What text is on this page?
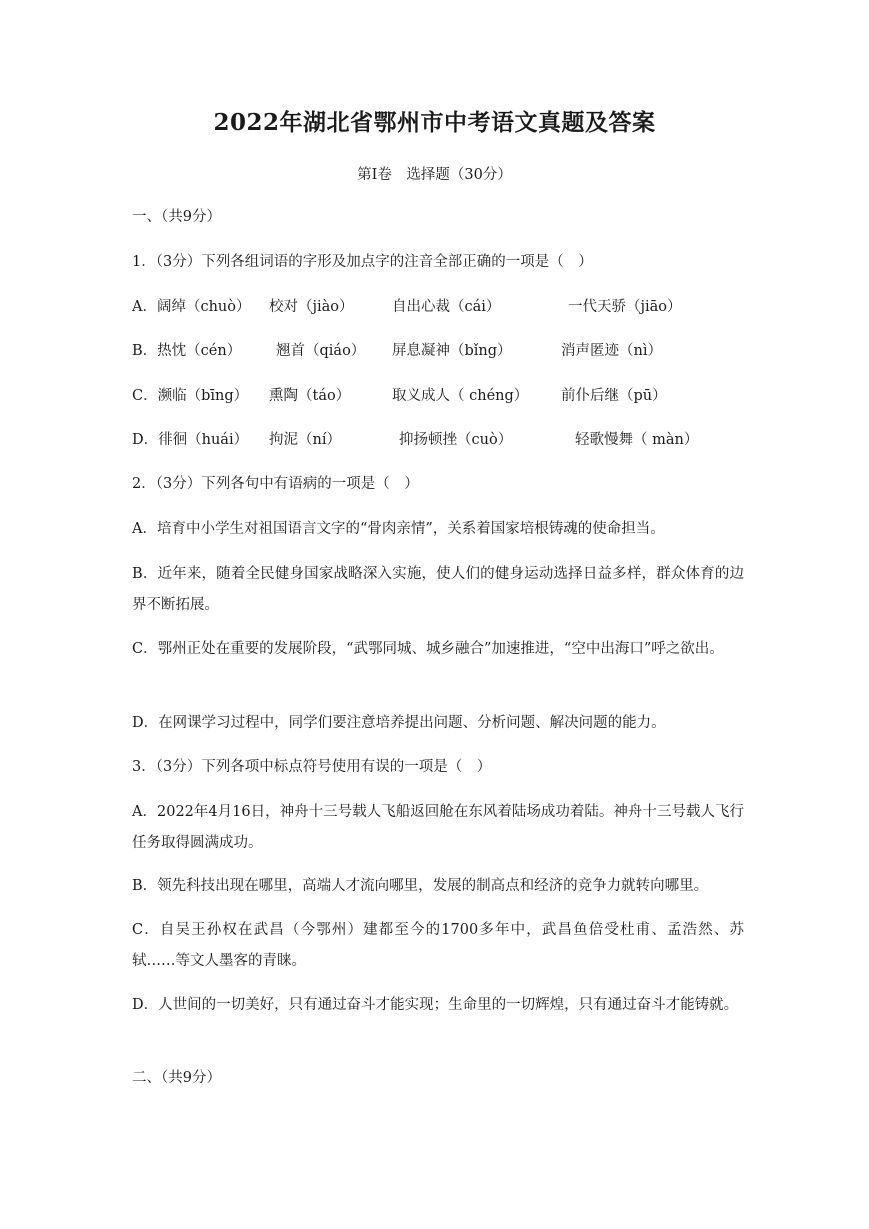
2022年湖北省鄂州市中考语文真题及答案
第Ⅰ卷　选择题（30分）
一、（共9分）
1．（3分）下列各组词语的字形及加点字的注音全部正确的一项是（　）
A．阔绰（chuò） 校对（jiào）	自出心裁（cái）	一代天骄（jiāo）
B．热忱（cén） 翘首（qiáo） 屏息凝神（bǐng）	消声匿迹（nì）
C．濒临（bīng） 熏陶（táo）	取义成人（ chéng） 前仆后继（pū）
D．徘徊（huái） 拘泥（ní）	抑扬顿挫（cuò）	轻歌慢舞（ màn）
2．（3分）下列各句中有语病的一项是（　）
A．培育中小学生对祖国语言文字的“骨肉亲情”，关系着国家培根铸魂的使命担当。
B．近年来，随着全民健身国家战略深入实施，使人们的健身运动选择日益多样，群众体育的边界不断拓展。
C．鄂州正处在重要的发展阶段，“武鄂同城、城乡融合”加速推进，“空中出海口”呼之欲出。
D．在网课学习过程中，同学们要注意培养提出问题、分析问题、解决问题的能力。
3．（3分）下列各项中标点符号使用有误的一项是（　）
A．2022年4月16日，神舟十三号载人飞船返回舱在东风着陆场成功着陆。神舟十三号载人飞行任务取得圆满成功。
B．领先科技出现在哪里，高端人才流向哪里，发展的制高点和经济的竞争力就转向哪里。
C．自吴王孙权在武昌（今鄂州）建都至今的1700多年中，武昌鱼倍受杜甫、孟浩然、苏轼……等文人墨客的青睐。
D．人世间的一切美好，只有通过奋斗才能实现；生命里的一切辉煌，只有通过奋斗才能铸就。
二、（共9分）
